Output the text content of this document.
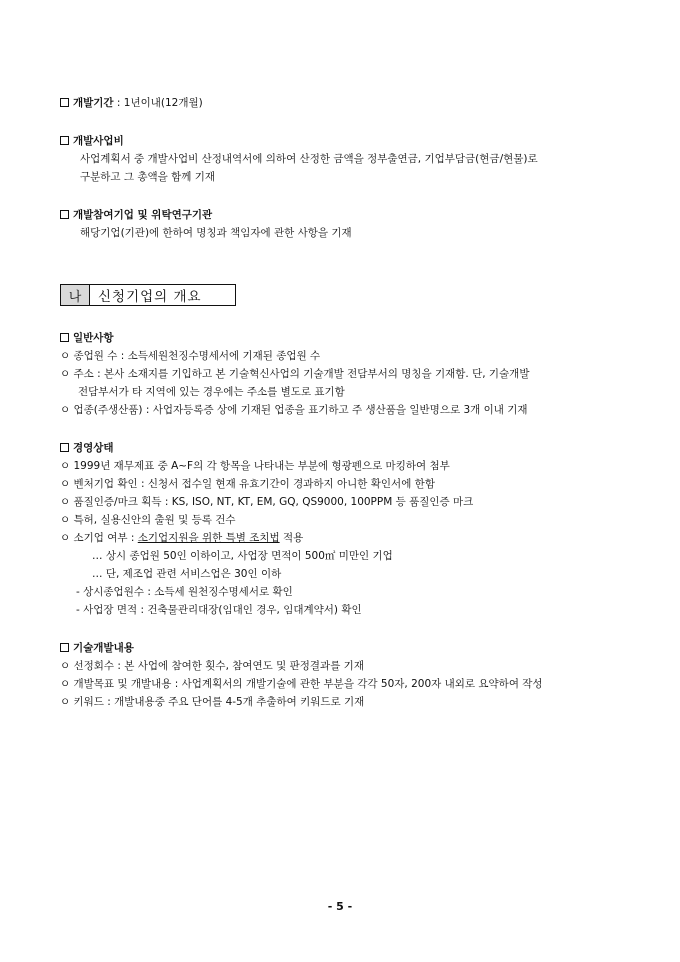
개발기간 : 1년이내(12개월)
개발사업비
사업계획서 중 개발사업비 산정내역서에 의하여 산정한 금액을 정부출연금, 기업부담금(현금/현물)로
구분하고 그 총액을 함께 기재
개발참여기업 및 위탁연구기관
해당기업(기관)에 한하여 명칭과 책임자에 관한 사항을 기재
나	신청기업의 개요
일반사항
ㅇ 종업원 수 : 소득세원천징수명세서에 기재된 종업원 수
ㅇ 주소 : 본사 소재지를 기입하고 본 기술혁신사업의 기술개발 전담부서의 명칭을 기재함. 단, 기술개발
전담부서가 타 지역에 있는 경우에는 주소를 별도로 표기함
ㅇ 업종(주생산품) : 사업자등록증 상에 기재된 업종을 표기하고 주 생산품을 일반명으로 3개 이내 기재
경영상태
ㅇ 1999년 재무제표 중 A~F의 각 항목을 나타내는 부분에 형광펜으로 마킹하여 첨부
ㅇ 벤처기업 확인 : 신청서 접수일 현재 유효기간이 경과하지 아니한 확인서에 한함
ㅇ 품질인증/마크 획득 : KS, ISO, NT, KT, EM, GQ, QS9000, 100PPM 등 품질인증 마크
ㅇ 특허, 실용신안의 출원 및 등록 건수
ㅇ 소기업 여부 : 소기업지원을 위한 특별 조치법 적용
… 상시 종업원 50인 이하이고, 사업장 면적이 500㎡ 미만인 기업
… 단, 제조업 관련 서비스업은 30인 이하
- 상시종업원수 : 소득세 원천징수명세서로 확인
- 사업장 면적 : 건축물관리대장(임대인 경우, 임대계약서) 확인
기술개발내용
ㅇ 선정회수 : 본 사업에 참여한 횟수, 참여연도 및 판정결과를 기재
ㅇ 개발목표 및 개발내용 : 사업계획서의 개발기술에 관한 부분을 각각 50자, 200자 내외로 요약하여 작성
ㅇ 키워드 : 개발내용중 주요 단어를 4-5개 추출하여 키워드로 기재
- 5 -
